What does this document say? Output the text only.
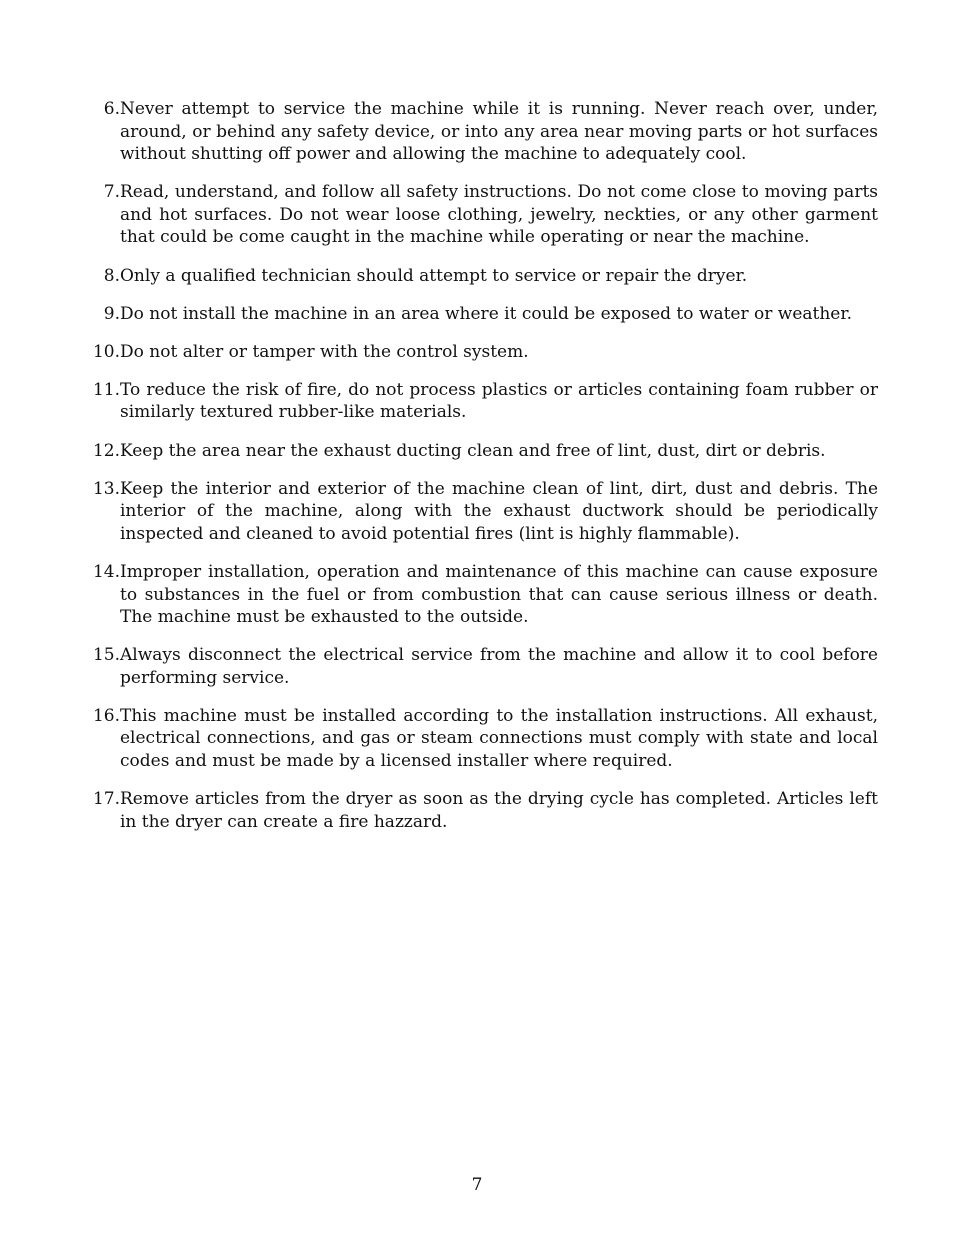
6. Never attempt to service the machine while it is running. Never reach over, under, around, or behind any safety device, or into any area near moving parts or hot surfaces without shutting off power and allowing the machine to adequately cool.
7. Read, understand, and follow all safety instructions. Do not come close to moving parts and hot surfaces. Do not wear loose clothing, jewelry, neckties, or any other garment that could be come caught in the machine while operating or near the machine.
8. Only a qualified technician should attempt to service or repair the dryer.
9. Do not install the machine in an area where it could be exposed to water or weather.
10. Do not alter or tamper with the control system.
11. To reduce the risk of fire, do not process plastics or articles containing foam rubber or similarly textured rubber-like materials.
12. Keep the area near the exhaust ducting clean and free of lint, dust, dirt or debris.
13. Keep the interior and exterior of the machine clean of lint, dirt, dust and debris. The interior of the machine, along with the exhaust ductwork should be periodically inspected and cleaned to avoid potential fires (lint is highly flammable).
14. Improper installation, operation and maintenance of this machine can cause exposure to substances in the fuel or from combustion that can cause serious illness or death. The machine must be exhausted to the outside.
15. Always disconnect the electrical service from the machine and allow it to cool before performing service.
16. This machine must be installed according to the installation instructions. All exhaust, electrical connections, and gas or steam connections must comply with state and local codes and must be made by a licensed installer where required.
17. Remove articles from the dryer as soon as the drying cycle has completed. Articles left in the dryer can create a fire hazzard.
7
